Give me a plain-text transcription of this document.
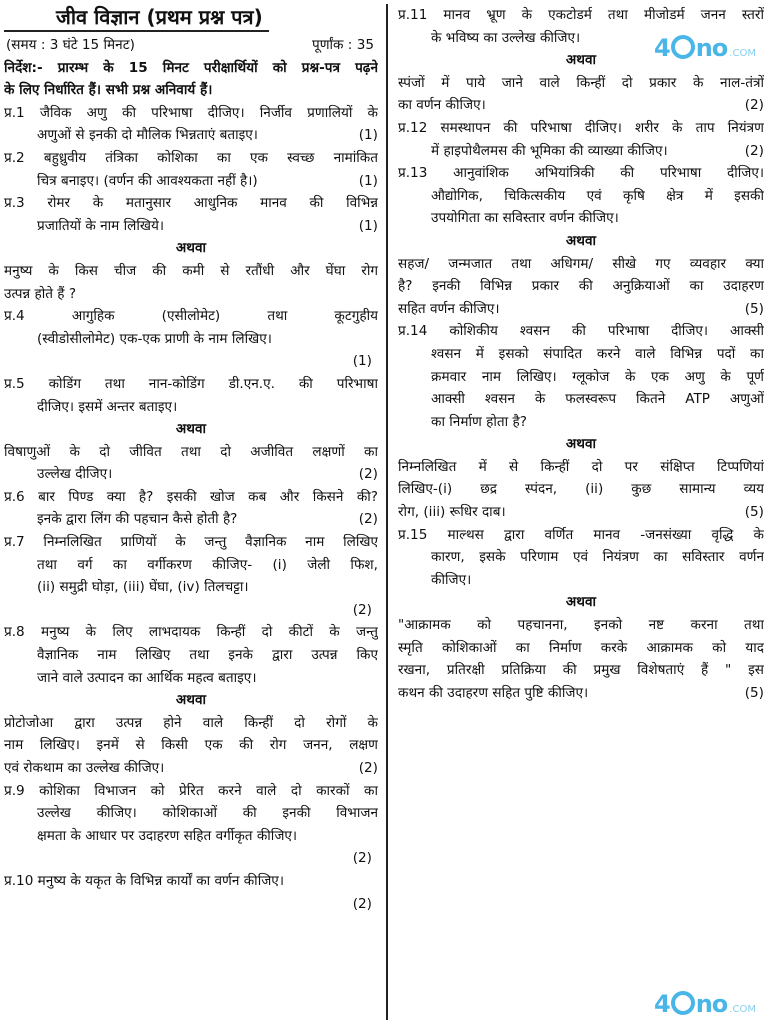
जीव विज्ञान (प्रथम प्रश्न पत्र)
(समय : 3 घंटे 15 मिनट)	पूर्णांक : 35
निर्देश:- प्रारम्भ के 15 मिनट परीक्षार्थियों को प्रश्न-पत्र पढ़ने
के लिए निर्धारित हैं। सभी प्रश्न अनिवार्य हैं।
प्र.1 जैविक अणु की परिभाषा दीजिए। निर्जीव प्रणालियों के
अणुओं से इनकी दो मौलिक भिन्नताएं बताइए।	(1)
प्र.2 बहुध्रुवीय तंत्रिका कोशिका का एक स्वच्छ नामांकित
चित्र बनाइए। (वर्णन की आवश्यकता नहीं है।)	(1)
प्र.3 रोमर के मतानुसार आधुनिक मानव की विभिन्न
प्रजातियों के नाम लिखिये।	(1)

अथवा

मनुष्य के किस चीज की कमी से रतौंधी और घेंघा रोग
उत्पन्न होते हैं ?
प्र.4 आगुहिक (एसीलोमेट) तथा कूटगुहीय
(स्वीडोसीलोमेट) एक-एक प्राणी के नाम लिखिए।
(1)
प्र.5 कोडिंग तथा नान-कोडिंग डी.एन.ए. की परिभाषा
दीजिए। इसमें अन्तर बताइए।

अथवा

विषाणुओं के दो जीवित तथा दो अजीवित लक्षणों का
उल्लेख दीजिए।	(2)
प्र.6 बार पिण्ड क्या है? इसकी खोज कब और किसने की?
इनके द्वारा लिंग की पहचान कैसे होती है?	(2)
प्र.7 निम्नलिखित प्राणियों के जन्तु वैज्ञानिक नाम लिखिए
तथा वर्ग का वर्गीकरण कीजिए- (i) जेली फिश,
(ii) समुद्री घोड़ा, (iii) घेंघा, (iv) तिलचट्टा।
(2)
प्र.8 मनुष्य के लिए लाभदायक किन्हीं दो कीटों के जन्तु
वैज्ञानिक नाम लिखिए तथा इनके द्वारा उत्पन्न किए
जाने वाले उत्पादन का आर्थिक महत्व बताइए।

अथवा

प्रोटोजोआ द्वारा उत्पन्न होने वाले किन्हीं दो रोगों के
नाम लिखिए। इनमें से किसी एक की रोग जनन, लक्षण
एवं रोकथाम का उल्लेख कीजिए।	(2)
प्र.9 कोशिका विभाजन को प्रेरित करने वाले दो कारकों का
उल्लेख कीजिए। कोशिकाओं की इनकी विभाजन
क्षमता के आधार पर उदाहरण सहित वर्गीकृत कीजिए।
(2)
प्र.10 मनुष्य के यकृत के विभिन्न कार्यों का वर्णन कीजिए।
(2)
प्र.11 मानव भ्रूण के एकटोडर्म तथा मीजोडर्म जनन स्तरों
के भविष्य का उल्लेख कीजिए।

अथवा

स्पंजों में पाये जाने वाले किन्हीं दो प्रकार के नाल-तंत्रों
का वर्णन कीजिए।	(2)
प्र.12 समस्थापन की परिभाषा दीजिए। शरीर के ताप नियंत्रण
में हाइपोथैलमस की भूमिका की व्याख्या कीजिए।	(2)
प्र.13 आनुवांशिक अभियांत्रिकी की परिभाषा दीजिए।
औद्योगिक, चिकित्सकीय एवं कृषि क्षेत्र में इसकी
उपयोगिता का सविस्तार वर्णन कीजिए।

अथवा

सहज/ जन्मजात तथा अधिगम/ सीखे गए व्यवहार क्या
है? इनकी विभिन्न प्रकार की अनुक्रियाओं का उदाहरण
सहित वर्णन कीजिए।	(5)
प्र.14 कोशिकीय श्वसन की परिभाषा दीजिए। आक्सी
श्वसन में इसको संपादित करने वाले विभिन्न पदों का
क्रमवार नाम लिखिए। ग्लूकोज के एक अणु के पूर्ण
आक्सी श्वसन के फलस्वरूप कितने ATP अणुओं
का निर्माण होता है?

अथवा

निम्नलिखित में से किन्हीं दो पर संक्षिप्त टिप्पणियां
लिखिए-(i) छद्र स्पंदन, (ii) कुछ सामान्य व्यय
रोग, (iii) रूधिर दाब।	(5)
प्र.15 माल्थस द्वारा वर्णित मानव -जनसंख्या वृद्धि के
कारण, इसके परिणाम एवं नियंत्रण का सविस्तार वर्णन
कीजिए।

अथवा

"आक्रामक को पहचानना, इनको नष्ट करना तथा
स्मृति कोशिकाओं का निर्माण करके आक्रामक को याद
रखना, प्रतिरक्षी प्रतिक्रिया की प्रमुख विशेषताएं हैं " इस
कथन की उदाहरण सहित पुष्टि कीजिए।	(5)
4 no .COM
4 no .COM
